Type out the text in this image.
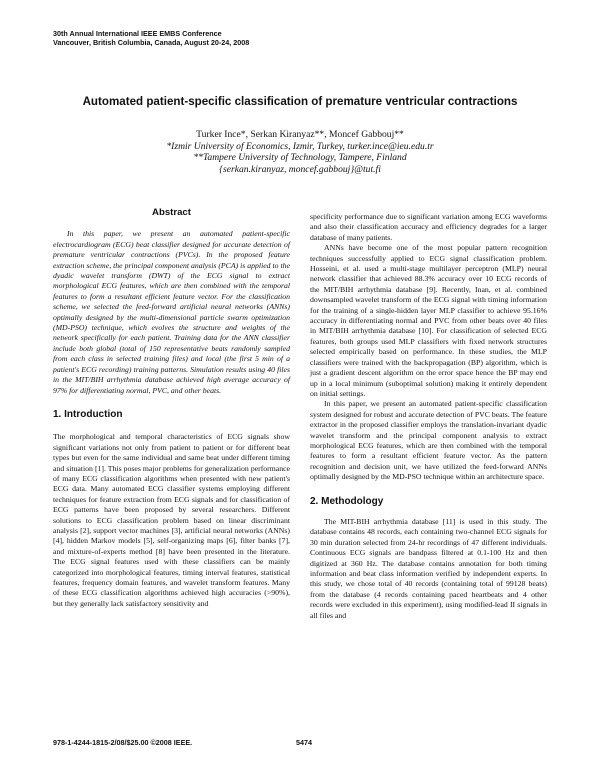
30th Annual International IEEE EMBS Conference
Vancouver, British Columbia, Canada, August 20-24, 2008
Automated patient-specific classification of premature ventricular contractions
Turker Ince*, Serkan Kiranyaz**, Moncef Gabbouj**
*Izmir University of Economics, Izmir, Turkey, turker.ince@ieu.edu.tr
**Tampere University of Technology, Tampere, Finland
{serkan.kiranyaz, moncef.gabbouj}@tut.fi
Abstract

In this paper, we present an automated patient-specific electrocardiogram (ECG) beat classifier designed for accurate detection of premature ventricular contractions (PVCs). In the proposed feature extraction scheme, the principal component analysis (PCA) is applied to the dyadic wavelet transform (DWT) of the ECG signal to extract morphological ECG features, which are then combined with the temporal features to form a resultant efficient feature vector. For the classification scheme, we selected the feed-forward artificial neural networks (ANNs) optimally designed by the multi-dimensional particle swarm optimization (MD-PSO) technique, which evolves the structure and weights of the network specifically for each patient. Training data for the ANN classifier include both global (total of 150 representative beats randomly sampled from each class in selected training files) and local (the first 5 min of a patient's ECG recording) training patterns. Simulation results using 40 files in the MIT/BIH arrhythmia database achieved high average accuracy of 97% for differentiating normal, PVC, and other beats.

1. Introduction

The morphological and temporal characteristics of ECG signals show significant variations not only from patient to patient or for different beat types but even for the same individual and same beat under different timing and situation [1]. This poses major problems for generalization performance of many ECG classification algorithms when presented with new patient's ECG data. Many automated ECG classifier systems employing different techniques for feature extraction from ECG signals and for classification of ECG patterns have been proposed by several researchers. Different solutions to ECG classification problem based on linear discriminant analysis [2], support vector machines [3], artificial neural networks (ANNs) [4], hidden Markov models [5], self-organizing maps [6], filter banks [7], and mixture-of-experts method [8] have been presented in the literature. The ECG signal features used with these classifiers can be mainly categorized into morphological features, timing interval features, statistical features, frequency domain features, and wavelet transform features. Many of these ECG classification algorithms achieved high accuracies (>90%), but they generally lack satisfactory sensitivity and

specificity performance due to significant variation among ECG waveforms and also their classification accuracy and efficiency degrades for a larger database of many patients.

ANNs have become one of the most popular pattern recognition techniques successfully applied to ECG signal classification problem. Hosseini, et al. used a multi-stage multilayer perceptron (MLP) neural network classifier that achieved 88.3% accuracy over 10 ECG records of the MIT/BIH arrhythmia database [9]. Recently, Inan, et al. combined downsampled wavelet transform of the ECG signal with timing information for the training of a single-hidden layer MLP classifier to achieve 95.16% accuracy in differentiating normal and PVC from other beats over 40 files in MIT/BIH arrhythmia database [10]. For classification of selected ECG features, both groups used MLP classifiers with fixed network structures selected empirically based on performance. In these studies, the MLP classifiers were trained with the backpropagation (BP) algorithm, which is just a gradient descent algorithm on the error space hence the BP may end up in a local minimum (suboptimal solution) making it entirely dependent on initial settings.

In this paper, we present an automated patient-specific classification system designed for robust and accurate detection of PVC beats. The feature extractor in the proposed classifier employs the translation-invariant dyadic wavelet transform and the principal component analysis to extract morphological ECG features, which are then combined with the temporal features to form a resultant efficient feature vector. As the pattern recognition and decision unit, we have utilized the feed-forward ANNs optimally designed by the MD-PSO technique within an architecture space.

2. Methodology

The MIT-BIH arrhythmia database [11] is used in this study. The database contains 48 records, each containing two-channel ECG signals for 30 min duration selected from 24-hr recordings of 47 different individuals. Continuous ECG signals are bandpass filtered at 0.1-100 Hz and then digitized at 360 Hz. The database contains annotation for both timing information and beat class information verified by independent experts. In this study, we chose total of 40 records (containing total of 99128 beats) from the database (4 records containing paced heartbeats and 4 other records were excluded in this experiment), using modified-lead II signals in all files and

978-1-4244-1815-2/08/$25.00 ©2008 IEEE.	5474
